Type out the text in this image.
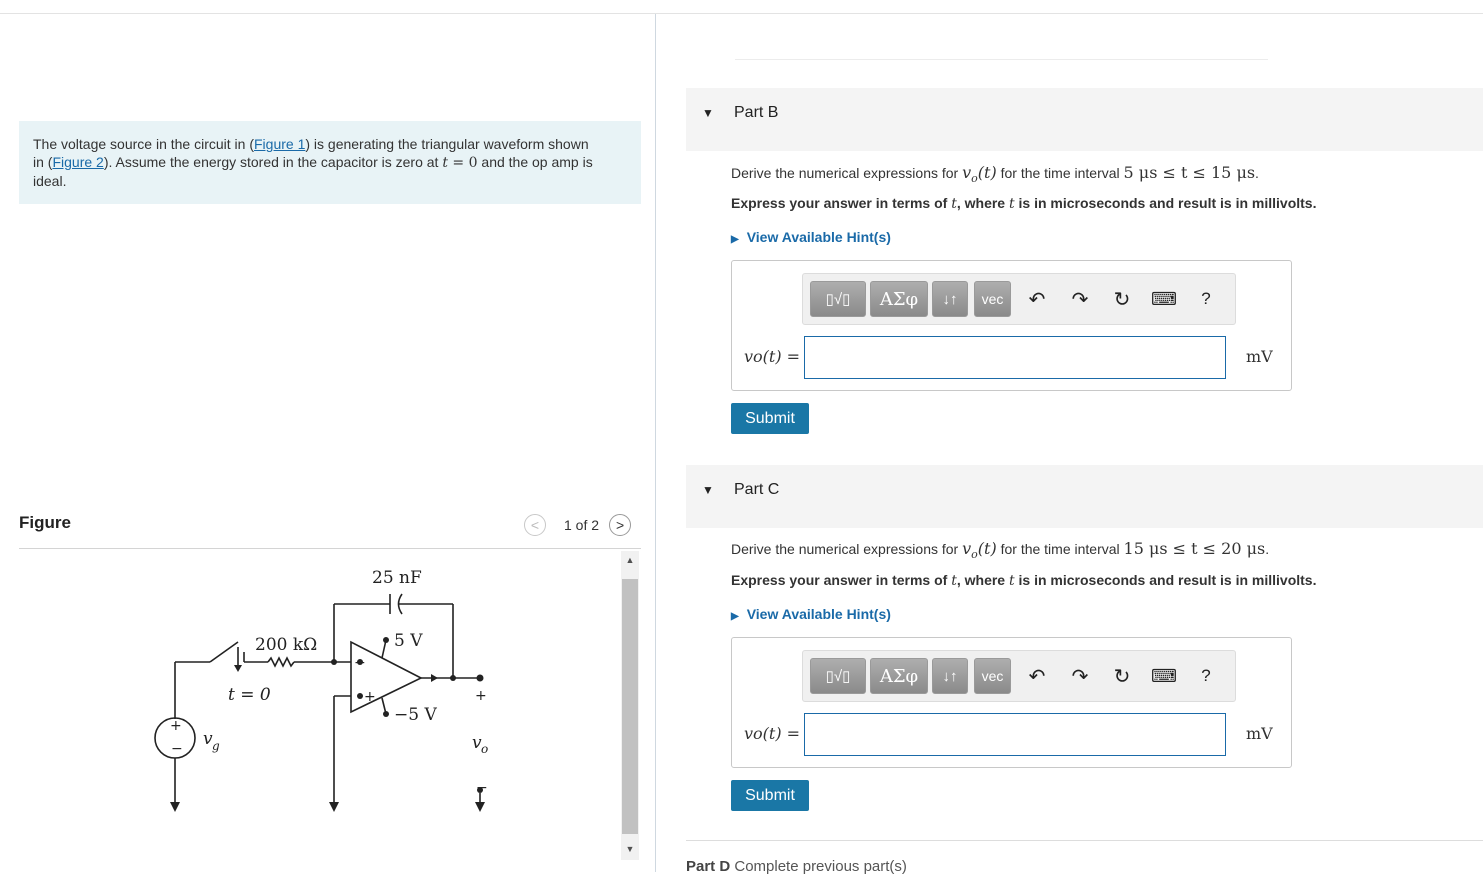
The voltage source in the circuit in (Figure 1) is generating the triangular waveform shown
in (Figure 2). Assume the energy stored in the capacitor is zero at t = 0 and the op amp is
ideal.
Figure	<	1 of 2	>
25 nF
200 kΩ	5 V
−5 V
t = 0
v g	v o
+
−
−
+	+
−
▲
▼
▼ Part B
Derive the numerical expressions for $v_o(t)$ for the time interval 5 μs ≤ t ≤ 15 μs.
Express your answer in terms of t, where t is in microseconds and result is in millivolts.
▶ View Available Hint(s)
▯√▯	ΑΣφ	↓↑	vec	↶ ↷ ↻ ⌨	?
vo(t) =	mV
Submit
▼ Part C
Derive the numerical expressions for $v_o(t)$ for the time interval 15 μs ≤ t ≤ 20 μs.
Express your answer in terms of t, where t is in microseconds and result is in millivolts.
▶ View Available Hint(s)
▯√▯	ΑΣφ	↓↑	vec	↶ ↷ ↻ ⌨	?
vo(t) =	mV
Submit
Part D Complete previous part(s)
